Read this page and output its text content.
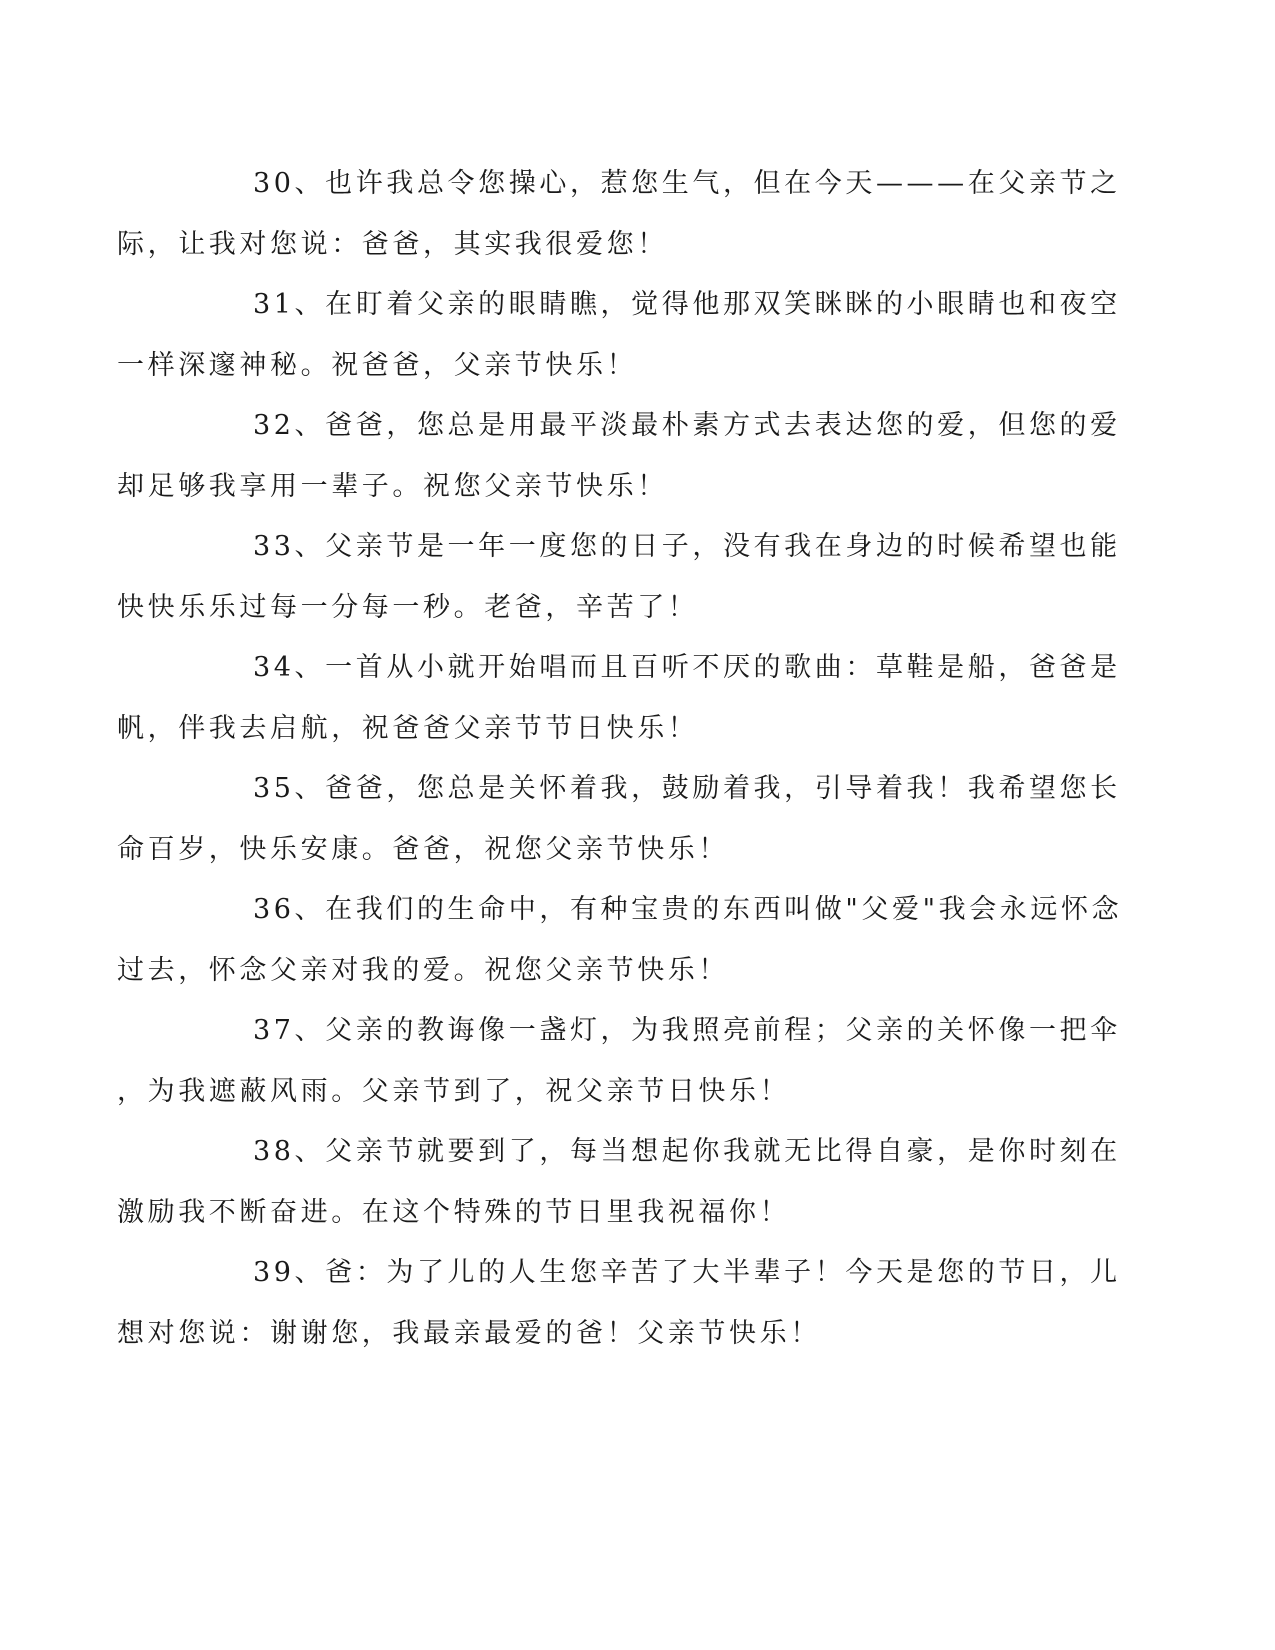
30、也许我总令您操心，惹您生气，但在今天———在父亲节之
际，让我对您说：爸爸，其实我很爱您！

31、在盯着父亲的眼睛瞧，觉得他那双笑眯眯的小眼睛也和夜空
一样深邃神秘。祝爸爸，父亲节快乐！

32、爸爸，您总是用最平淡最朴素方式去表达您的爱，但您的爱
却足够我享用一辈子。祝您父亲节快乐！

33、父亲节是一年一度您的日子，没有我在身边的时候希望也能
快快乐乐过每一分每一秒。老爸，辛苦了！

34、一首从小就开始唱而且百听不厌的歌曲：草鞋是船，爸爸是
帆，伴我去启航，祝爸爸父亲节节日快乐！

35、爸爸，您总是关怀着我，鼓励着我，引导着我！我希望您长
命百岁，快乐安康。爸爸，祝您父亲节快乐！

36、在我们的生命中，有种宝贵的东西叫做"父爱"我会永远怀念
过去，怀念父亲对我的爱。祝您父亲节快乐！

37、父亲的教诲像一盏灯，为我照亮前程；父亲的关怀像一把伞
，为我遮蔽风雨。父亲节到了，祝父亲节日快乐！

38、父亲节就要到了，每当想起你我就无比得自豪，是你时刻在
激励我不断奋进。在这个特殊的节日里我祝福你！

39、爸：为了儿的人生您辛苦了大半辈子！今天是您的节日，儿
想对您说：谢谢您，我最亲最爱的爸！父亲节快乐！
